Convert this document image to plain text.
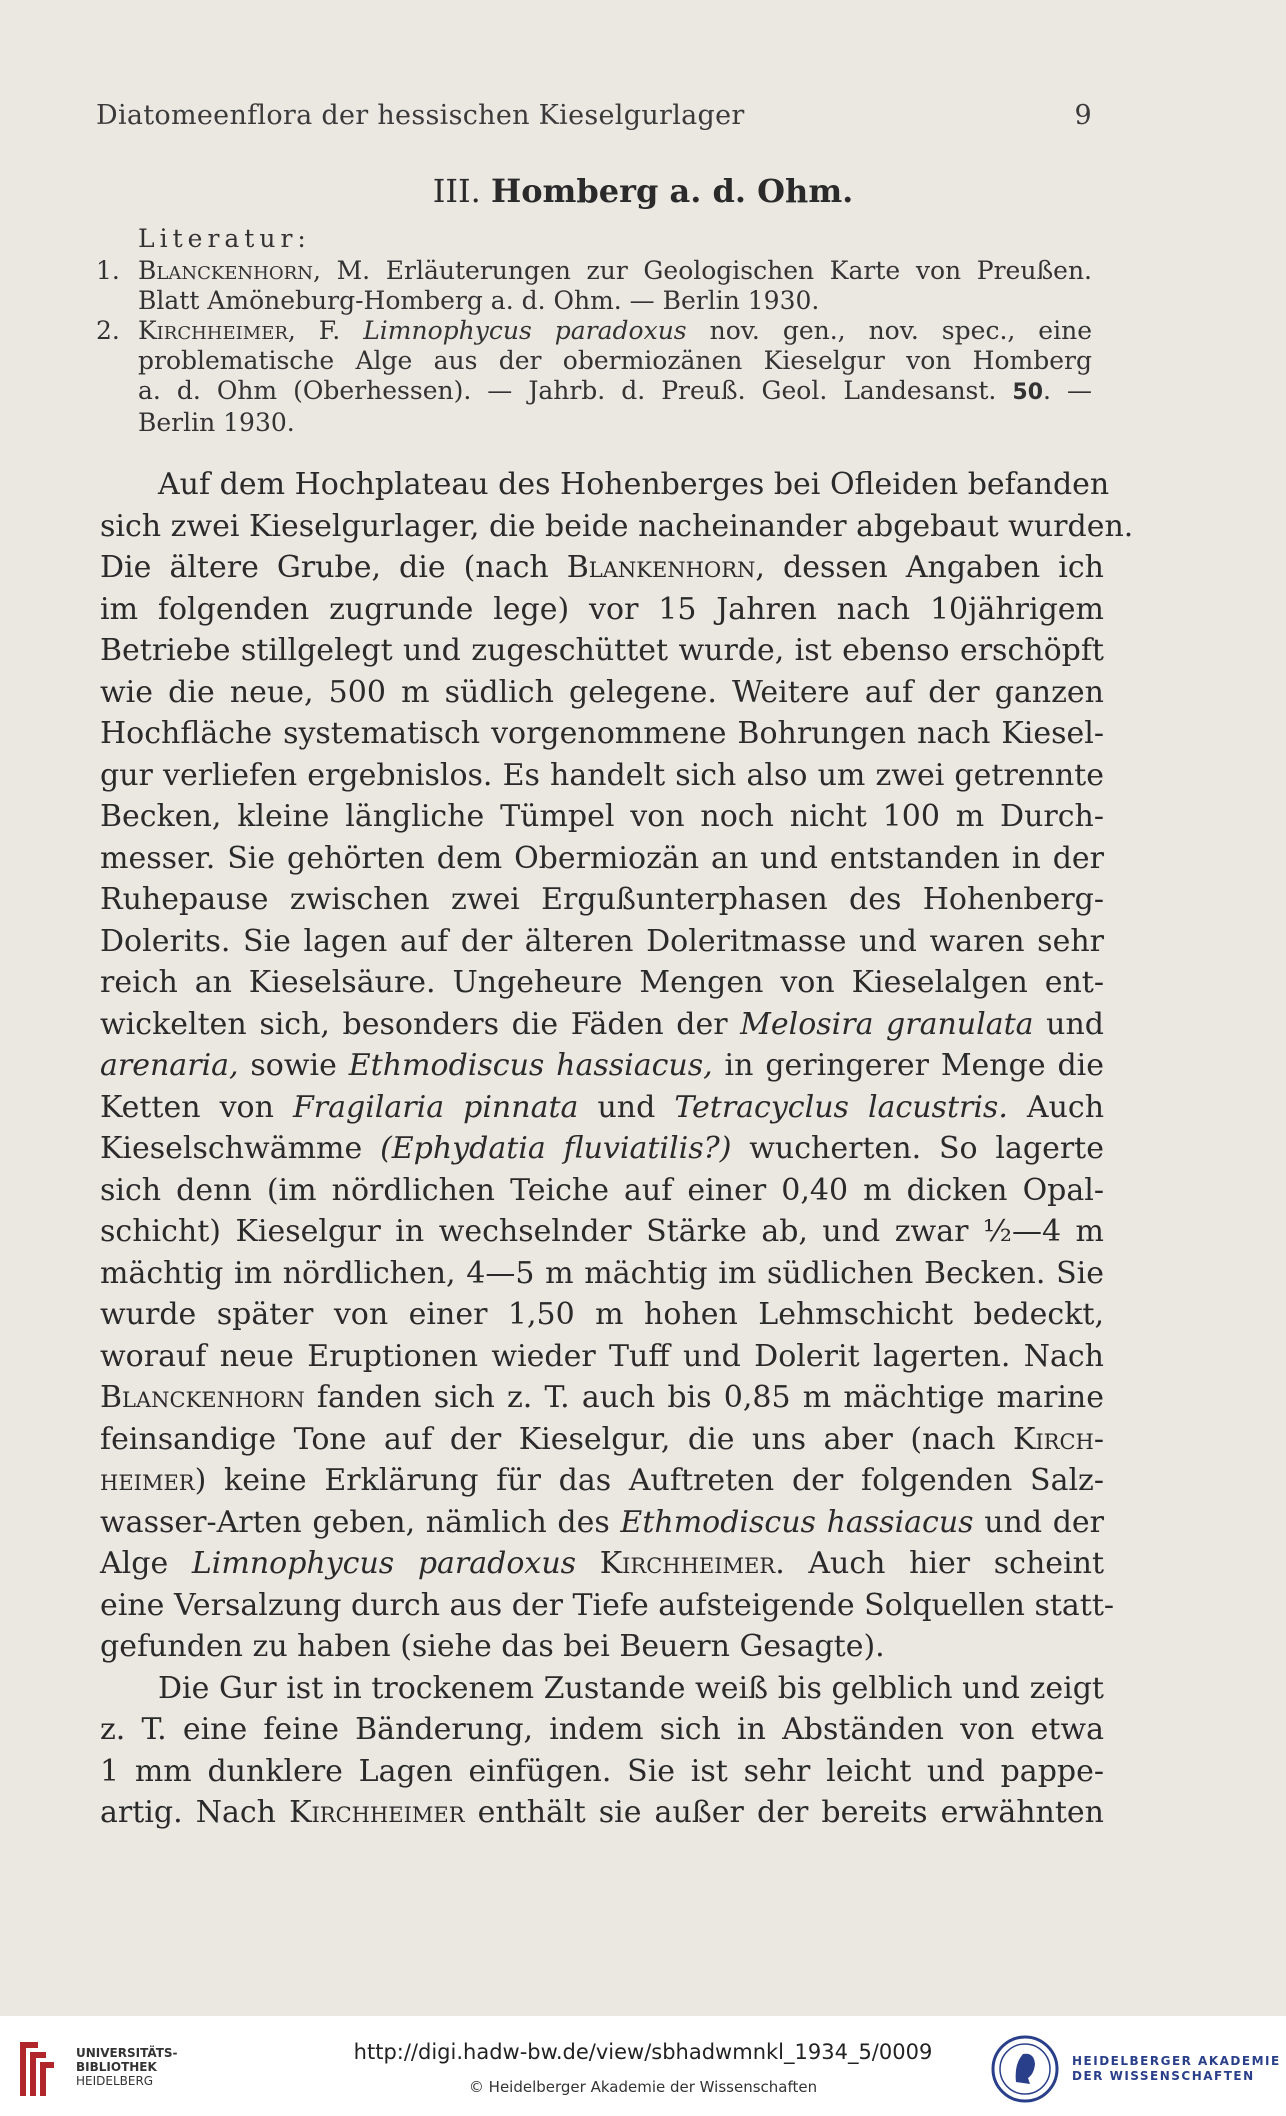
Diatomeenflora der hessischen Kieselgurlager	9
III. Homberg a. d. Ohm.
Literatur:
1. Blanckenhorn, M. Erläuterungen zur Geologischen Karte von Preußen.
Blatt Amöneburg-Homberg a. d. Ohm. — Berlin 1930.
2. Kirchheimer, F. Limnophycus paradoxus nov. gen., nov. spec., eine
problematische Alge aus der obermiozänen Kieselgur von Homberg
a. d. Ohm (Oberhessen). — Jahrb. d. Preuß. Geol. Landesanst. 50. —
Berlin 1930.
Auf dem Hochplateau des Hohenberges bei Ofleiden befanden
sich zwei Kieselgurlager, die beide nacheinander abgebaut wurden.
Die ältere Grube, die (nach Blankenhorn, dessen Angaben ich
im folgenden zugrunde lege) vor 15 Jahren nach 10jährigem
Betriebe stillgelegt und zugeschüttet wurde, ist ebenso erschöpft
wie die neue, 500 m südlich gelegene. Weitere auf der ganzen
Hochfläche systematisch vorgenommene Bohrungen nach Kiesel-
gur verliefen ergebnislos. Es handelt sich also um zwei getrennte
Becken, kleine längliche Tümpel von noch nicht 100 m Durch-
messer. Sie gehörten dem Obermiozän an und entstanden in der
Ruhepause zwischen zwei Ergußunterphasen des Hohenberg-
Dolerits. Sie lagen auf der älteren Doleritmasse und waren sehr
reich an Kieselsäure. Ungeheure Mengen von Kieselalgen ent-
wickelten sich, besonders die Fäden der Melosira granulata und
arenaria, sowie Ethmodiscus hassiacus, in geringerer Menge die
Ketten von Fragilaria pinnata und Tetracyclus lacustris. Auch
Kieselschwämme (Ephydatia fluviatilis?) wucherten. So lagerte
sich denn (im nördlichen Teiche auf einer 0,40 m dicken Opal-
schicht) Kieselgur in wechselnder Stärke ab, und zwar ½—4 m
mächtig im nördlichen, 4—5 m mächtig im südlichen Becken. Sie
wurde später von einer 1,50 m hohen Lehmschicht bedeckt,
worauf neue Eruptionen wieder Tuff und Dolerit lagerten. Nach
Blanckenhorn fanden sich z. T. auch bis 0,85 m mächtige marine
feinsandige Tone auf der Kieselgur, die uns aber (nach Kirch-
heimer) keine Erklärung für das Auftreten der folgenden Salz-
wasser-Arten geben, nämlich des Ethmodiscus hassiacus und der
Alge Limnophycus paradoxus Kirchheimer. Auch hier scheint
eine Versalzung durch aus der Tiefe aufsteigende Solquellen statt-
gefunden zu haben (siehe das bei Beuern Gesagte).
Die Gur ist in trockenem Zustande weiß bis gelblich und zeigt
z. T. eine feine Bänderung, indem sich in Abständen von etwa
1 mm dunklere Lagen einfügen. Sie ist sehr leicht und pappe-
artig. Nach Kirchheimer enthält sie außer der bereits erwähnten
UNIVERSITÄTS-
BIBLIOTHEK
HEIDELBERG
http://digi.hadw-bw.de/view/sbhadwmnkl_1934_5/0009
© Heidelberger Akademie der Wissenschaften
HEIDELBERGER AKADEMIE
DER WISSENSCHAFTEN
